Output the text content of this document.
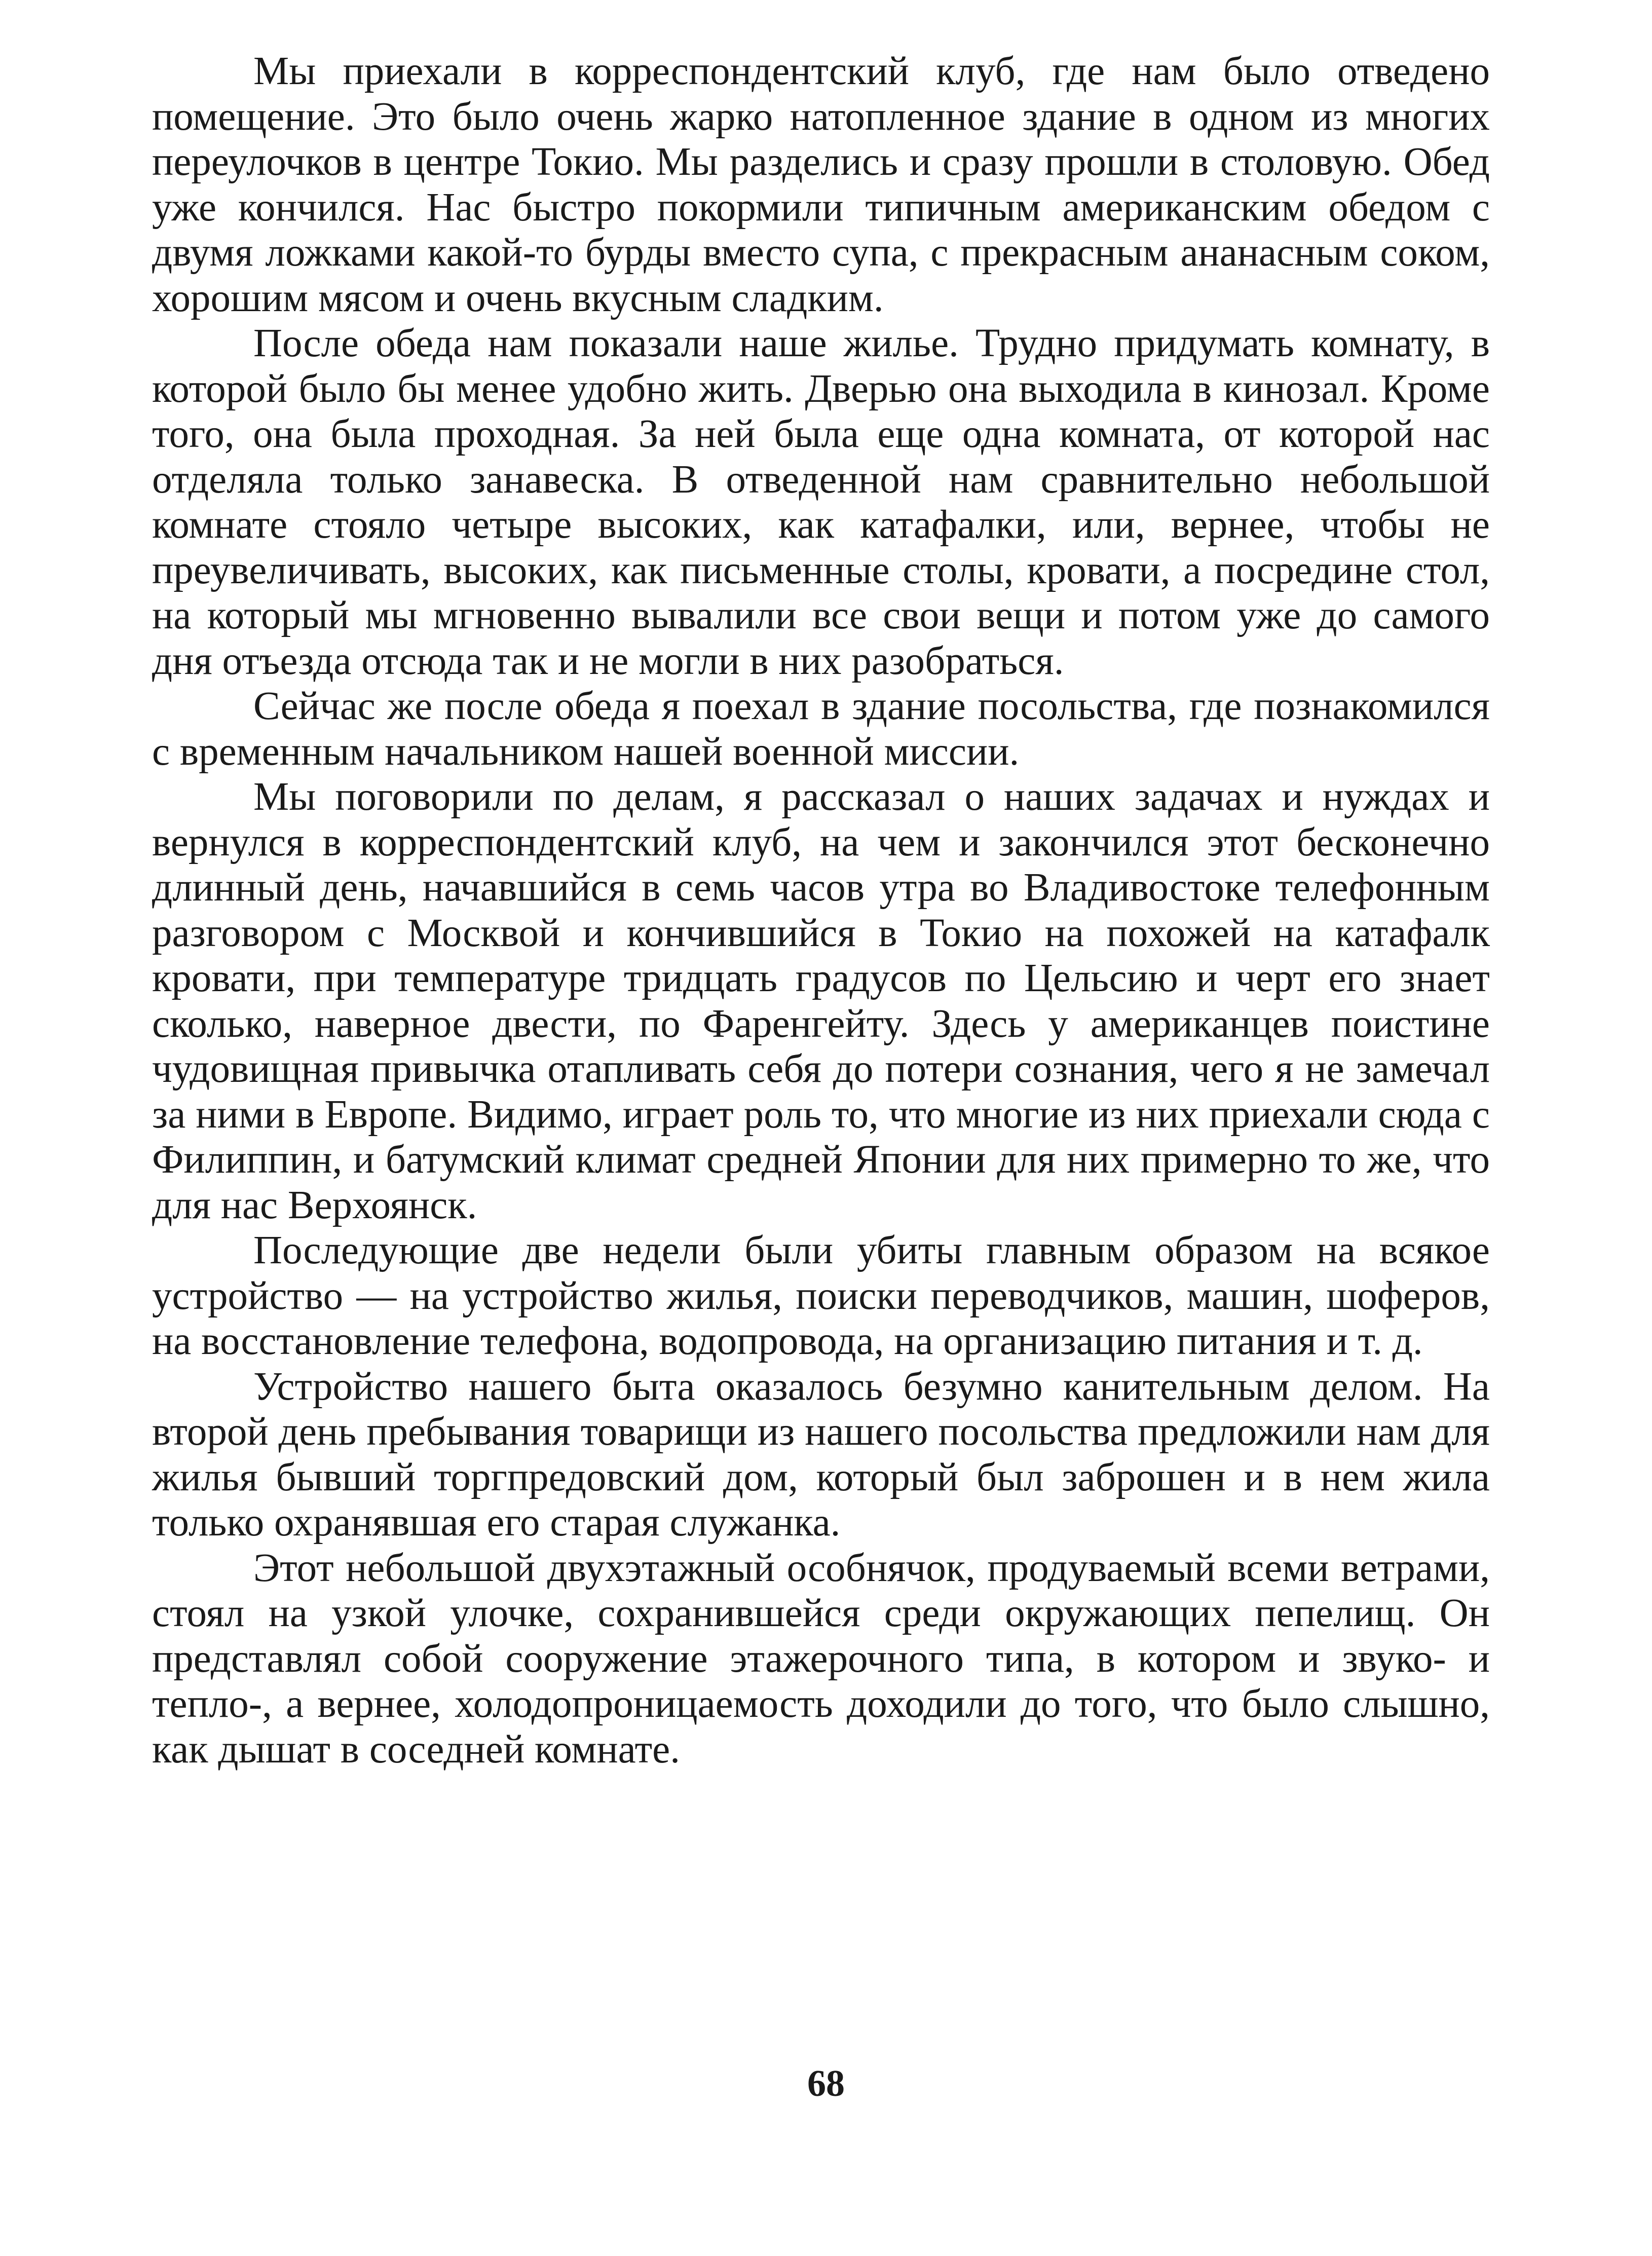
Мы приехали в корреспондентский клуб, где нам было отведено помещение. Это было очень жарко натопленное здание в одном из многих переулочков в центре Токио. Мы разделись и сразу прошли в столовую. Обед уже кончился. Нас быстро покормили типичным американским обедом с двумя ложками какой-то бурды вместо супа, с прекрасным ананасным соком, хорошим мясом и очень вкусным сладким.

После обеда нам показали наше жилье. Трудно придумать комнату, в которой было бы менее удобно жить. Дверью она выходила в кинозал. Кроме того, она была проходная. За ней была еще одна комната, от которой нас отделяла только занавеска. В отведенной нам сравнительно небольшой комнате стояло четыре высоких, как катафалки, или, вернее, чтобы не преувеличивать, высоких, как письменные столы, кровати, а посредине стол, на который мы мгновенно вывалили все свои вещи и потом уже до самого дня отъезда отсюда так и не могли в них разобраться.

Сейчас же после обеда я поехал в здание посольства, где познакомился с временным начальником нашей военной миссии.

Мы поговорили по делам, я рассказал о наших задачах и нуждах и вернулся в корреспондентский клуб, на чем и закончился этот бесконечно длинный день, начавшийся в семь часов утра во Владивостоке телефонным разговором с Москвой и кончившийся в Токио на похожей на катафалк кровати, при температуре тридцать градусов по Цельсию и черт его знает сколько, наверное двести, по Фаренгейту. Здесь у американцев поистине чудовищная привычка отапливать себя до потери сознания, чего я не замечал за ними в Европе. Видимо, играет роль то, что многие из них приехали сюда с Филиппин, и батумский климат средней Японии для них примерно то же, что для нас Верхоянск.

Последующие две недели были убиты главным образом на всякое устройство — на устройство жилья, поиски переводчиков, машин, шоферов, на восстановление телефона, водопровода, на организацию питания и т. д.

Устройство нашего быта оказалось безумно канительным делом. На второй день пребывания товарищи из нашего посольства предложили нам для жилья бывший торгпредовский дом, который был заброшен и в нем жила только охранявшая его старая служанка.

Этот небольшой двухэтажный особнячок, продуваемый всеми ветрами, стоял на узкой улочке, сохранившейся среди окружающих пепелищ. Он представлял собой сооружение этажерочного типа, в котором и звуко- и тепло-, а вернее, холодопроницаемость доходили до того, что было слышно, как дышат в соседней комнате.

68
